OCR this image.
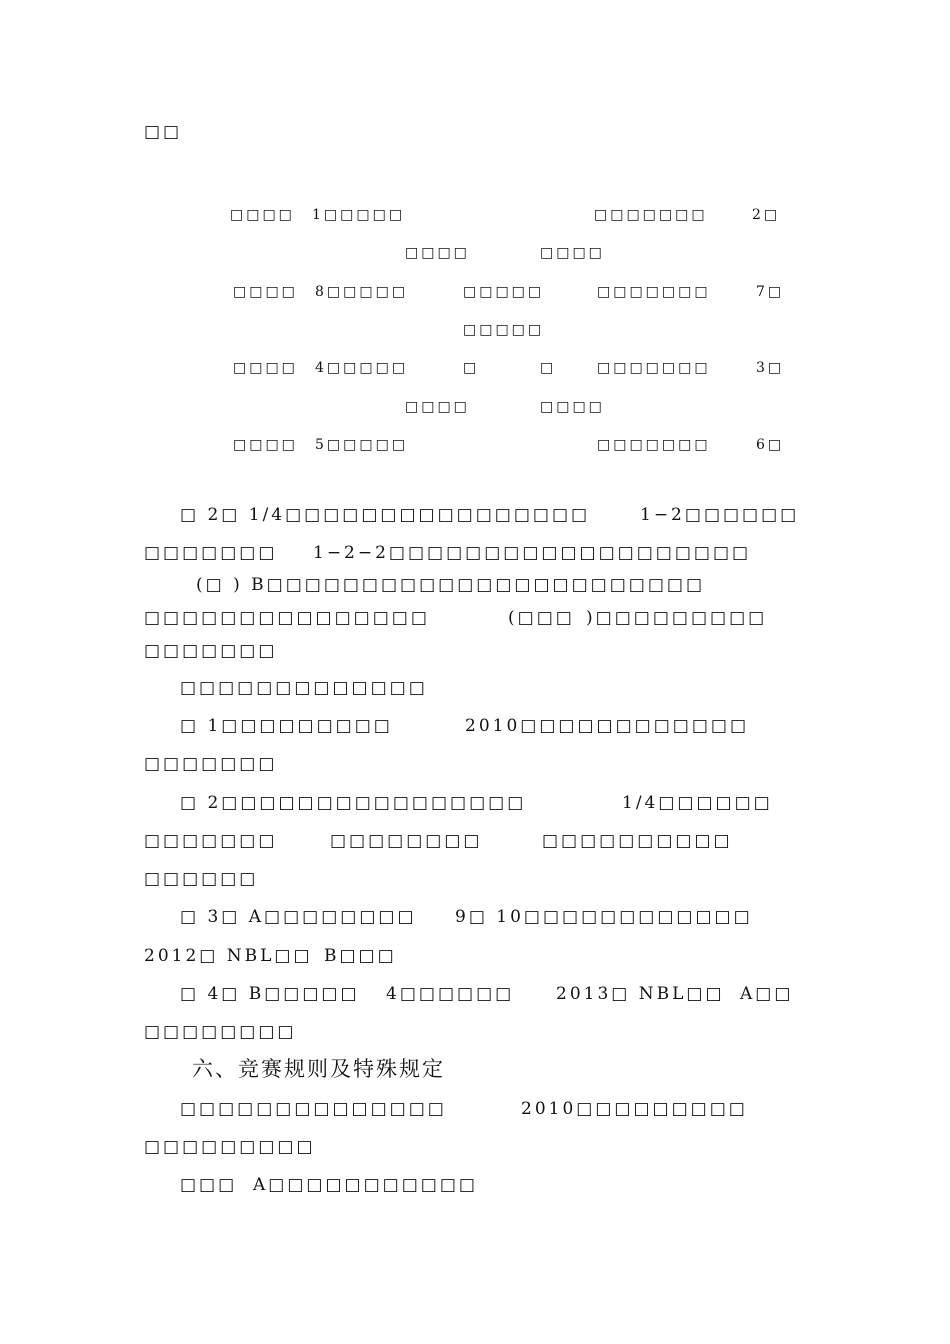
□□
□□□□ 1□□□□□	□□□□□□□	2□
□□□□	□□□□
□□□□ 8□□□□□	□□□□□	□□□□□□□	7□
□□□□□
□□□□ 4□□□□□	□	□	□□□□□□□	3□
□□□□	□□□□
□□□□ 5□□□□□	□□□□□□□	6□
□ 2□ 1/4□□□□□□□□□□□□□□□□	1−2□□□□□□
□□□□□□□ 1−2−2□□□□□□□□□□□□□□□□□□□
(□ ) B□□□□□□□□□□□□□□□□□□□□□□□
□□□□□□□□□□□□□□□	(□□□ )□□□□□□□□□
□□□□□□□
□□□□□□□□□□□□□
□ 1□□□□□□□□□	2010□□□□□□□□□□□□
□□□□□□□
□ 2□□□□□□□□□□□□□□□□	1/4□□□□□□
□□□□□□□	□□□□□□□□	□□□□□□□□□□
□□□□□□
□ 3□ A□□□□□□□□ 9□ 10□□□□□□□□□□□□
2012□ NBL□□ B□□□
□ 4□ B□□□□□ 4□□□□□□ 2013□ NBL□□ A□□
□□□□□□□□
六、竞赛规则及特殊规定
□□□□□□□□□□□□□□	2010□□□□□□□□□
□□□□□□□□□
□□□ A□□□□□□□□□□□
